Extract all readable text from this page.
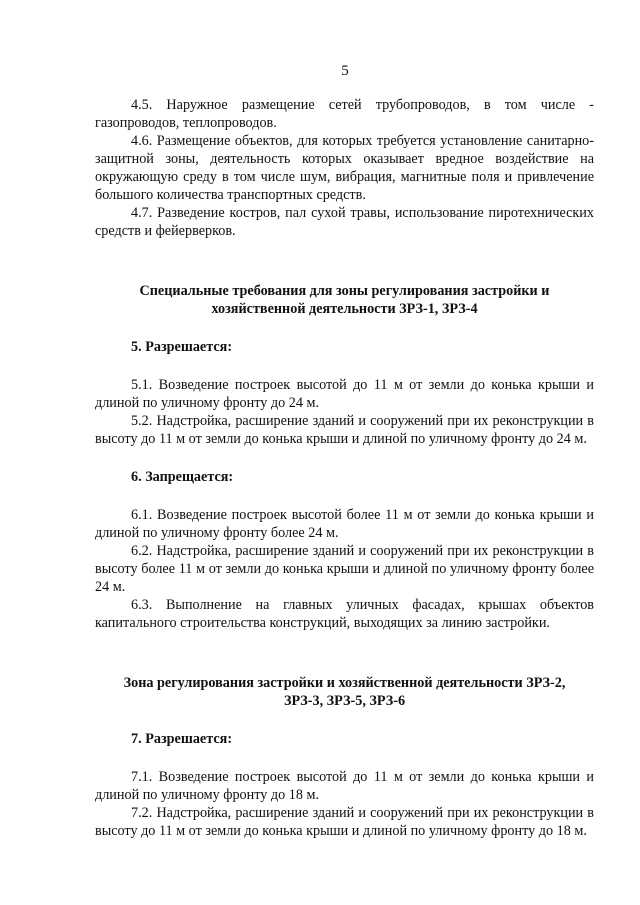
5

4.5. Наружное размещение сетей трубопроводов, в том числе - газопроводов, теплопроводов.

4.6. Размещение объектов, для которых требуется установление санитарно-защитной зоны, деятельность которых оказывает вредное воздействие на окружающую среду в том числе шум, вибрация, магнитные поля и привлечение большого количества транспортных средств.

4.7. Разведение костров, пал сухой травы, использование пиротехнических средств и фейерверков.

Специальные требования для зоны регулирования застройки и
хозяйственной деятельности ЗРЗ-1, ЗРЗ-4
5. Разрешается:

5.1. Возведение построек высотой до 11 м от земли до конька крыши и длиной по уличному фронту до 24 м.

5.2. Надстройка, расширение зданий и сооружений при их реконструкции в высоту до 11 м от земли до конька крыши и длиной по уличному фронту до 24 м.

6. Запрещается:

6.1. Возведение построек высотой более 11 м от земли до конька крыши и длиной по уличному фронту более 24 м.

6.2. Надстройка, расширение зданий и сооружений при их реконструкции в высоту более 11 м от земли до конька крыши и длиной по уличному фронту более 24 м.

6.3. Выполнение на главных уличных фасадах, крышах объектов капитального строительства конструкций, выходящих за линию застройки.

Зона регулирования застройки и хозяйственной деятельности ЗРЗ-2,
ЗРЗ-3, ЗРЗ-5, ЗРЗ-6
7. Разрешается:

7.1. Возведение построек высотой до 11 м от земли до конька крыши и длиной по уличному фронту до 18 м.

7.2. Надстройка, расширение зданий и сооружений при их реконструкции в высоту до 11 м от земли до конька крыши и длиной по уличному фронту до 18 м.
